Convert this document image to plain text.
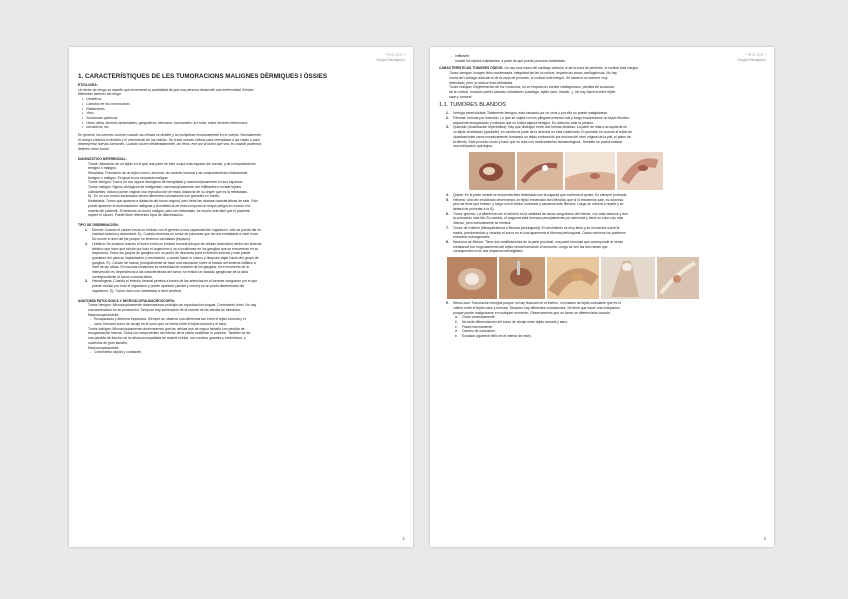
*°O·O·-O O ·*
Cirugía Patológica II
1. CARACTERÍSTIQUES DE LES TUMORACIONS MALIGNES DÈRMIQUES I ÒSSIES
ETIOLOGÍA:
Un factor de riesgo es aquello que incrementa la posibilidad de que una persona desarrolle una enfermedad. Existen
diferentes factores de riesgo:
• Genéticos
• Cambios en los cromosomas
• Radiaciones
• Virus
• Sustancias químicas
• Otros: dieta, factores ambientales, geográficos, fármacos, hormonales, luz solar, edad, factores infecciosos,
• mecánicos, etc.
En general, los tumores ocurren cuando las células se dividen y se multiplican excesivamente en el cuerpo. Normalmente,
el cuerpo controla la división y el crecimiento de las células. Se crean nuevas células para reemplazar a las viejas o para
desempeñar nuevas funciones. Cuando ocurre deliberadamente, sin freno, ese por la razón que sea, es cuando podemos
definirlo como tumor.
DIAGNÓSTICO DIFERENCIAL:
Tumor: Alteración de un tejido en el que una parte de este ocupa más espacio del normal, y de comportamiento
benigno o maligno.
Neoplasia: Formación de un tejido nuevo, anormal, de carácter tumoral y de comportamiento clínicamente
benigno o maligno. Es igual a una neoplasia maligna.
Tumor benigno: Tumor en con signos citológicos de benignidad y macroscópicamente en sus espacios.
Tumor maligno: Signos citológicos de malignidad, macroscópicamente con infiltrantes e invade tejidos
colindantes, incluso puede originar una reproducción de estos distancia de su origen que es la metástasis.
Ej.: En un con normo escamosos seven diferentes coloraciones con gránetes en medio.
Metástasis: Tumor que aparece a distancia del tumor original, pero tiene las mismas características de este. Solo
puede aparecer en tumoraciones malignas y la existencia de esta comporta un mayor peligro en cuanto a la
muerte del paciente. Si tenemos un tumor maligno, pero sin metástasis, es mucho más fácil que el paciente
supere el cáncer. Puede tener diferentes tipos de diseminación.
TIPO DE DISEMINACIÓN:
1. Directa: Cuando el cáncer envía un émbolo con el germen a una capacidad del organismo, sólo se puede dar en
cavidad torácica y abdominal. Ej.: Cuando tenemos un tumor de páncreas que da una metástasis a nivel renal.
No ocurre a nivel del pie porque no tenemos cavidades (espacio).
2. Linfática: Se produce cuando el tumor envía un émbolo tumoral (bloque de células tumorales) dentro del sistema
linfático que hace que circule por todo el organismo y va a localizarse en los ganglios que se encuentran en su
trayectoria. Todos los grupos de ganglios son un punto de descanso para el émbolo tumoral y este puede
quedarse ahí para su implantación y crecimiento, o puede hacer lo mismo y después viajar hacia otro grupo de
ganglios. Ej.: Cáncer de mama, principalmente se hace una valoración sobre el estado del sistema linfático a
nivel de las axilas. En muchas ocasiones es necesidad de invasión de los ganglios, en el momento de la
intervención en dependencia a las características del tumor, se realiza un vaciado ganglionar de la axila
correspondiente al tumor a mama teliva.
3. Hematógena: Cuando el émbolo tumoral penetra a través de las arteriolas en el torrente sanguíneo por el que
puede circular por todo el organismo y puede aparecer (anidar y crecer) en un punto determinado del
organismo. Ej.: Tumor óseo con metástasis a nivel cerebral.
ANATOMÍA PATOLÓGICA Y MICROSCOPIA-MACROSCOPÍA:
Tumor benigno: Microscópicamente observaremos prototipo de reproducción singual. Crecimiento lento. No hay
una aceleración en su producción. Tampoco hay aceleración de la muerte de las células de alrededor.
Macroscópicamente:
- Encapsulado y deforma expansiva: Siempre se observa una diferencia tan entre el tejido tumoral y el
- sano, formado surco de clivaje es el surco que se forma entre el tejido tumoral y el sano.
Tumor maligno: Microscópicamente observaremos que las células son de mayor tamaño con pérdida de
reorganización interna. Todos los componentes del interior de la célula modifican lo posición. También se da
una pérdida de función de la célula acompañada de muerte celular, con núcleos grandes y excéntricos, y
nucléolos de gran tamaño.
Macroscópicamente:
- Crecimiento rápido y constante.
1
*°O·O·-O O ·*
Cirugía Patológica II
- Infiltrante.
- Invade los tejidos colindantes, a parte de que puede provocar metástasis.
CARACTERÍSTICAS TUMORES ÓSEOS: No hay una rotura del cartílago articular ni de la zona de periostio, la cortical está íntegra.
Tumor benigno: Imagen lítica condensada, integridad del de la cortical, respeta las zonas cartilaginosas. No hay
rotura del cartílago articular ni de la zona de periostio, la cortical está íntegra. Se observa un entorno muy
delimitado, pero la cortical está delimitada.
Tumor maligno: Degeneración de los contornos, no se respeta los bordes cartilaginosos, pérdida de sustancia
de la cortical. Invasión partes blandas colindantes (cartílago, tejido óseo, blando...). No hay barrera entre tejido
sano y tumoral.
1.1. TUMORES BLANDOS
1. Verruga exteriorizada: Totalmente benigno, está causado por un virus y por ello no puede malignizarse.
2. Fibroma, heloma por inclusión: Lo que se sujeta con los pliegues extremo-mal y luego encontramos un tejido fibrótico
adyacente encapsulado y rodeado que no indica alguna benigno. Es doloroso ante la presión.
3. Queloide (cicatrización hipertrófica): Hay que distinguir entre dos formas distintas. La parte de más a la izquierda es
un tejido cicatrizado (queloide), en cambio la parte de la derecha no está cicatrizado. El queloide es cuando el tejido de
cicatrizaciones crece excesivamente formando un tejido endurecido por encima del nivel original de la piel, el plano de
la dermis. Este proceso crudo y hace que su cura con medicamentos farmacológicos. También se podría realizar
una extirpación quirúrgica.
4. Quiste: En la parte central se encuentra bien delimitado con la cápsula que confirma el quiste. Es siempre profundo.
5. Heloma: Una vez enucleado observamos un tejido encarnado duro fibrótico que si lo extraemos sale, es doloroso,
pero se tiene que extraer, y luego con el bisturí cortamos y sacamos este fibroma. Luego se volverá a repetir y se
deberá de proceder a la IQ.
6. Tumor glómico: La diferencia con el anterior es la cantidad de vasos sanguíneos del interior, con más vasosos y dos
la coloración más lila. En cambio, el angioma está formado principalmente por arteriolas y tiene un color rojo más
intenso, pero estrictamente se elimina.
7. Tumor de Koënen (fibroqueratoma o fibroma periungueal): El crecimiento es muy lento y se encuentra sobre la
matriz, presionándolo y creando el surco en el cual aparecerá el fibroma periungueal. Casos mínimos los podemos
encontrar subungueales.
8. Neuroma de Morton: Tiene dos ramificaciones de la parte proximal, una parte nerviosa que corresponde al nervio
metatarsal con engrosamiento del tejido neural formando el neuroma. Luego se ven las dos ramas que
corresponden a los dos espacios interdigitales.
9. Nevus azul: Tumoración benigna porque no hay fluorosis en el interior, ni invasión de tejido colindante que es el
criterio entre el tejido sano y tumoral. Tampoco hay diferentes coloraciones. Se tiene que hacer una extirpación
porque puede malignizarse en cualquier momento. Observaremos que un tumor se diferenciaría cuando:
a. Crece excesivamente.
b. No sede diferenciación del surco de clivaje entre tejido tumoral y sano.
c. Fisura internamente.
d. Cambio de coloración.
e. Exudado (aparece bello en el interior de este).
2
